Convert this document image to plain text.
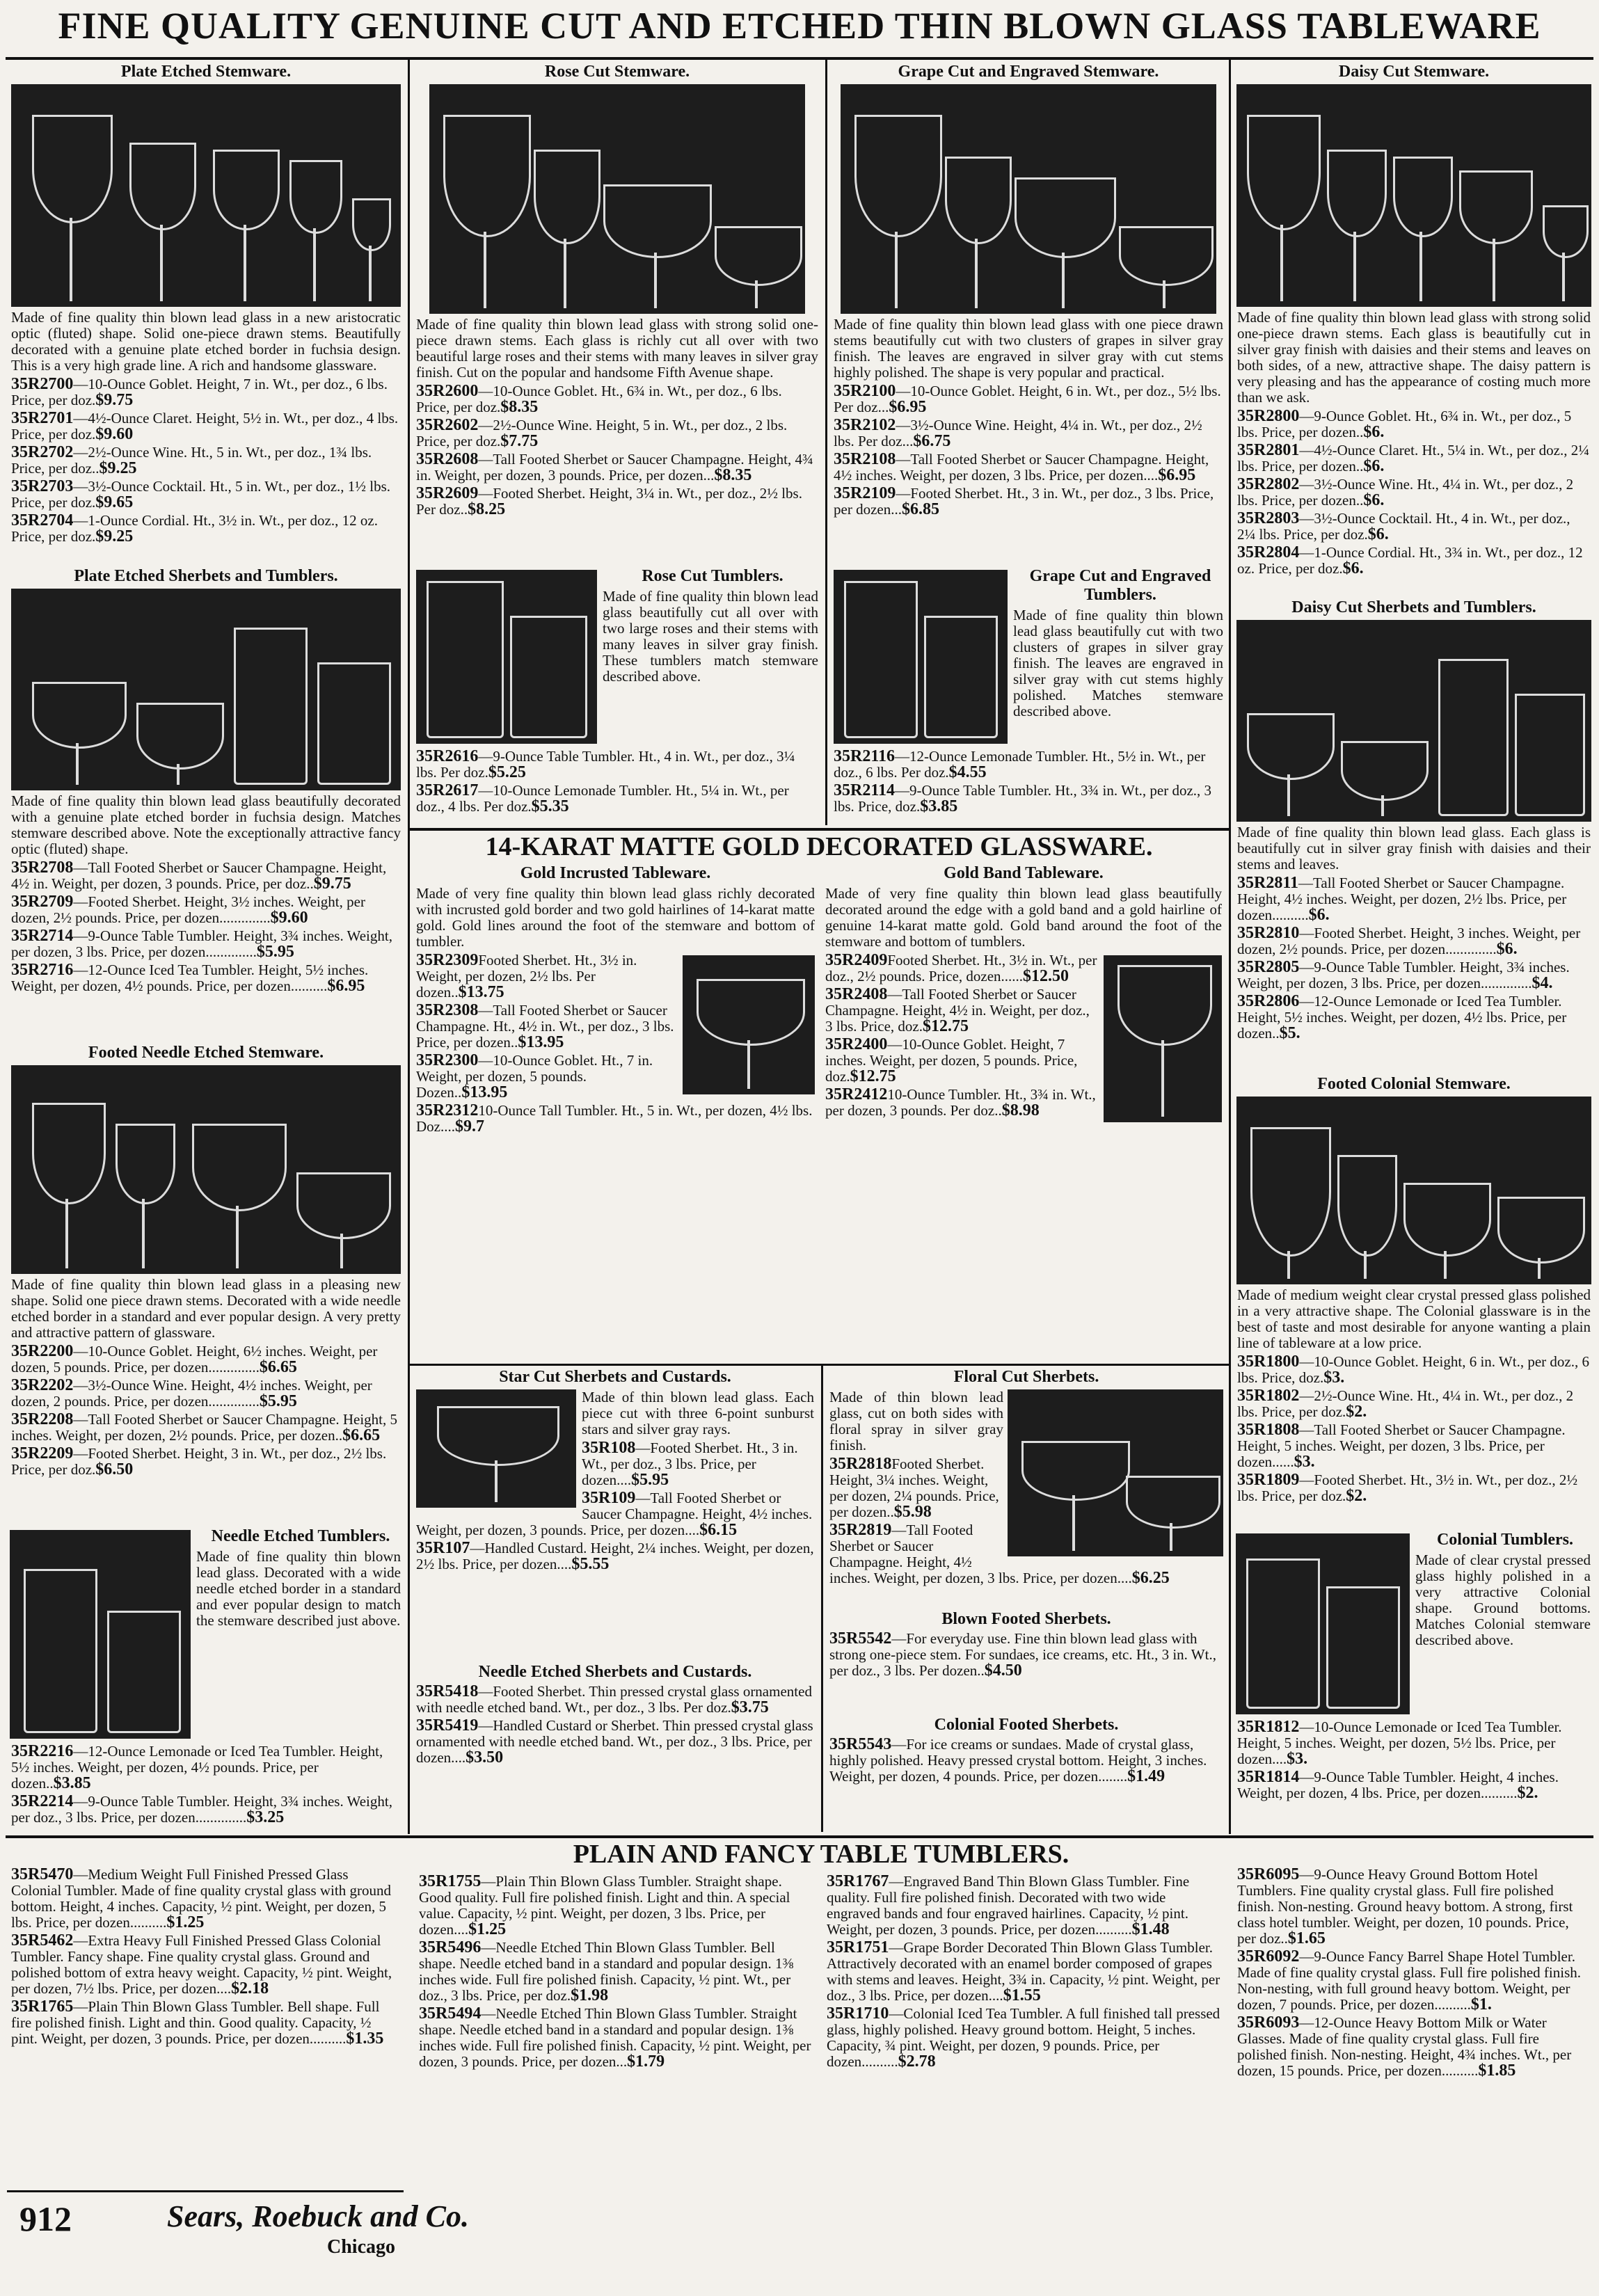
FINE QUALITY GENUINE CUT AND ETCHED THIN BLOWN GLASS TABLEWARE
Plate Etched Stemware.
Made of fine quality thin blown lead glass in a new aristocratic optic (fluted) shape. Solid one-piece drawn stems. Beautifully decorated with a genuine plate etched border in fuchsia design. This is a very high grade line. A rich and handsome glassware.
35R2700—10-Ounce Goblet. Height, 7 in. Wt., per doz., 6 lbs. Price, per doz.$9.75
35R2701—4½-Ounce Claret. Height, 5½ in. Wt., per doz., 4 lbs. Price, per doz.$9.60
35R2702—2½-Ounce Wine. Ht., 5 in. Wt., per doz., 1¾ lbs. Price, per doz..$9.25
35R2703—3½-Ounce Cocktail. Ht., 5 in. Wt., per doz., 1½ lbs. Price, per doz.$9.65
35R2704—1-Ounce Cordial. Ht., 3½ in. Wt., per doz., 12 oz. Price, per doz.$9.25
Plate Etched Sherbets and Tumblers.
Made of fine quality thin blown lead glass beautifully decorated with a genuine plate etched border in fuchsia design. Matches stemware described above. Note the exceptionally attractive fancy optic (fluted) shape.
35R2708—Tall Footed Sherbet or Saucer Champagne. Height, 4½ in. Weight, per dozen, 3 pounds. Price, per doz..$9.75
35R2709—Footed Sherbet. Height, 3½ inches. Weight, per dozen, 2½ pounds. Price, per dozen..............$9.60
35R2714—9-Ounce Table Tumbler. Height, 3¾ inches. Weight, per dozen, 3 lbs. Price, per dozen..............$5.95
35R2716—12-Ounce Iced Tea Tumbler. Height, 5½ inches. Weight, per dozen, 4½ pounds. Price, per dozen..........$6.95
Footed Needle Etched Stemware.
Made of fine quality thin blown lead glass in a pleasing new shape. Solid one piece drawn stems. Decorated with a wide needle etched border in a standard and ever popular design. A very pretty and attractive pattern of glassware.
35R2200—10-Ounce Goblet. Height, 6½ inches. Weight, per dozen, 5 pounds. Price, per dozen..............$6.65
35R2202—3½-Ounce Wine. Height, 4½ inches. Weight, per dozen, 2 pounds. Price, per dozen..............$5.95
35R2208—Tall Footed Sherbet or Saucer Champagne. Height, 5 inches. Weight, per dozen, 2½ pounds. Price, per dozen..$6.65
35R2209—Footed Sherbet. Height, 3 in. Wt., per doz., 2½ lbs. Price, per doz.$6.50
Needle Etched Tumblers.
Made of fine quality thin blown lead glass. Decorated with a wide needle etched border in a standard and ever popular design to match the stemware described just above.
35R2216—12-Ounce Lemonade or Iced Tea Tumbler. Height, 5½ inches. Weight, per dozen, 4½ pounds. Price, per dozen..$3.85
35R2214—9-Ounce Table Tumbler. Height, 3¾ inches. Weight, per doz., 3 lbs. Price, per dozen..............$3.25
Rose Cut Stemware.
Made of fine quality thin blown lead glass with strong solid one-piece drawn stems. Each glass is richly cut all over with two beautiful large roses and their stems with many leaves in silver gray finish. Cut on the popular and handsome Fifth Avenue shape.
35R2600—10-Ounce Goblet. Ht., 6¾ in. Wt., per doz., 6 lbs. Price, per doz.$8.35
35R2602—2½-Ounce Wine. Height, 5 in. Wt., per doz., 2 lbs. Price, per doz.$7.75
35R2608—Tall Footed Sherbet or Saucer Champagne. Height, 4¾ in. Weight, per dozen, 3 pounds. Price, per dozen...$8.35
35R2609—Footed Sherbet. Height, 3¼ in. Wt., per doz., 2½ lbs. Per doz..$8.25
Rose Cut Tumblers.
Made of fine quality thin blown lead glass beautifully cut all over with two large roses and their stems with many leaves in silver gray finish. These tumblers match stemware described above.
35R2616—9-Ounce Table Tumbler. Ht., 4 in. Wt., per doz., 3¼ lbs. Per doz.$5.25
35R2617—10-Ounce Lemonade Tumbler. Ht., 5¼ in. Wt., per doz., 4 lbs. Per doz.$5.35
Grape Cut and Engraved Stemware.
Made of fine quality thin blown lead glass with one piece drawn stems beautifully cut with two clusters of grapes in silver gray finish. The leaves are engraved in silver gray with cut stems highly polished. The shape is very popular and practical.
35R2100—10-Ounce Goblet. Height, 6 in. Wt., per doz., 5½ lbs. Per doz...$6.95
35R2102—3½-Ounce Wine. Height, 4¼ in. Wt., per doz., 2½ lbs. Per doz...$6.75
35R2108—Tall Footed Sherbet or Saucer Champagne. Height, 4½ inches. Weight, per dozen, 3 lbs. Price, per dozen....$6.95
35R2109—Footed Sherbet. Ht., 3 in. Wt., per doz., 3 lbs. Price, per dozen...$6.85
Grape Cut and Engraved Tumblers.
Made of fine quality thin blown lead glass beautifully cut with two clusters of grapes in silver gray finish. The leaves are engraved in silver gray with cut stems highly polished. Matches stemware described above.
35R2116—12-Ounce Lemonade Tumbler. Ht., 5½ in. Wt., per doz., 6 lbs. Per doz.$4.55
35R2114—9-Ounce Table Tumbler. Ht., 3¾ in. Wt., per doz., 3 lbs. Price, doz.$3.85
14-KARAT MATTE GOLD DECORATED GLASSWARE.
Gold Incrusted Tableware.
Made of very fine quality thin blown lead glass richly decorated with incrusted gold border and two gold hairlines of 14-karat matte gold. Gold lines around the foot of the stemware and bottom of tumbler.
35R2309Footed Sherbet. Ht., 3½ in. Weight, per dozen, 2½ lbs. Per dozen..$13.75
35R2308—Tall Footed Sherbet or Saucer Champagne. Ht., 4½ in. Wt., per doz., 3 lbs. Price, per dozen..$13.95
35R2300—10-Ounce Goblet. Ht., 7 in. Weight, per dozen, 5 pounds. Dozen..$13.95
35R231210-Ounce Tall Tumbler. Ht., 5 in. Wt., per dozen, 4½ lbs. Doz....$9.7
Gold Band Tableware.
Made of very fine quality thin blown lead glass beautifully decorated around the edge with a gold band and a gold hairline of genuine 14-karat matte gold. Gold band around the foot of the stemware and bottom of tumblers.
35R2409Footed Sherbet. Ht., 3½ in. Wt., per doz., 2½ pounds. Price, dozen......$12.50
35R2408—Tall Footed Sherbet or Saucer Champagne. Height, 4½ in. Weight, per doz., 3 lbs. Price, doz.$12.75
35R2400—10-Ounce Goblet. Height, 7 inches. Weight, per dozen, 5 pounds. Price, doz.$12.75
35R241210-Ounce Tumbler. Ht., 3¾ in. Wt., per dozen, 3 pounds. Per doz..$8.98
Star Cut Sherbets and Custards.
Made of thin blown lead glass. Each piece cut with three 6-point sunburst stars and silver gray rays.
35R108—Footed Sherbet. Ht., 3 in. Wt., per doz., 3 lbs. Price, per dozen....$5.95
35R109—Tall Footed Sherbet or Saucer Champagne. Height, 4½ inches. Weight, per dozen, 3 pounds. Price, per dozen....$6.15
35R107—Handled Custard. Height, 2¼ inches. Weight, per dozen, 2½ lbs. Price, per dozen....$5.55
Needle Etched Sherbets and Custards.
35R5418—Footed Sherbet. Thin pressed crystal glass ornamented with needle etched band. Wt., per doz., 3 lbs. Per doz.$3.75
35R5419—Handled Custard or Sherbet. Thin pressed crystal glass ornamented with needle etched band. Wt., per doz., 3 lbs. Price, per dozen....$3.50
Floral Cut Sherbets.
Made of thin blown lead glass, cut on both sides with floral spray in silver gray finish.
35R2818Footed Sherbet. Height, 3¼ inches. Weight, per dozen, 2¼ pounds. Price, per dozen..$5.98
35R2819—Tall Footed Sherbet or Saucer Champagne. Height, 4½ inches. Weight, per dozen, 3 lbs. Price, per dozen....$6.25
Blown Footed Sherbets.
35R5542—For everyday use. Fine thin blown lead glass with strong one-piece stem. For sundaes, ice creams, etc. Ht., 3 in. Wt., per doz., 3 lbs. Per dozen..$4.50
Colonial Footed Sherbets.
35R5543—For ice creams or sundaes. Made of crystal glass, highly polished. Heavy pressed crystal bottom. Height, 3 inches. Weight, per dozen, 4 pounds. Price, per dozen........$1.49
Daisy Cut Stemware.
Made of fine quality thin blown lead glass with strong solid one-piece drawn stems. Each glass is beautifully cut in silver gray finish with daisies and their stems and leaves on both sides, of a new, attractive shape. The daisy pattern is very pleasing and has the appearance of costing much more than we ask.
35R2800—9-Ounce Goblet. Ht., 6¾ in. Wt., per doz., 5 lbs. Price, per dozen..$6.
35R2801—4½-Ounce Claret. Ht., 5¼ in. Wt., per doz., 2¼ lbs. Price, per dozen..$6.
35R2802—3½-Ounce Wine. Ht., 4¼ in. Wt., per doz., 2 lbs. Price, per dozen..$6.
35R2803—3½-Ounce Cocktail. Ht., 4 in. Wt., per doz., 2¼ lbs. Price, per doz.$6.
35R2804—1-Ounce Cordial. Ht., 3¾ in. Wt., per doz., 12 oz. Price, per doz.$6.
Daisy Cut Sherbets and Tumblers.
Made of fine quality thin blown lead glass. Each glass is beautifully cut in silver gray finish with daisies and their stems and leaves.
35R2811—Tall Footed Sherbet or Saucer Champagne. Height, 4½ inches. Weight, per dozen, 2½ lbs. Price, per dozen..........$6.
35R2810—Footed Sherbet. Height, 3 inches. Weight, per dozen, 2½ pounds. Price, per dozen..............$6.
35R2805—9-Ounce Table Tumbler. Height, 3¾ inches. Weight, per dozen, 3 lbs. Price, per dozen..............$4.
35R2806—12-Ounce Lemonade or Iced Tea Tumbler. Height, 5½ inches. Weight, per dozen, 4½ lbs. Price, per dozen..$5.
Footed Colonial Stemware.
Made of medium weight clear crystal pressed glass polished in a very attractive shape. The Colonial glassware is in the best of taste and most desirable for anyone wanting a plain line of tableware at a low price.
35R1800—10-Ounce Goblet. Height, 6 in. Wt., per doz., 6 lbs. Price, doz.$3.
35R1802—2½-Ounce Wine. Ht., 4¼ in. Wt., per doz., 2 lbs. Price, per doz.$2.
35R1808—Tall Footed Sherbet or Saucer Champagne. Height, 5 inches. Weight, per dozen, 3 lbs. Price, per dozen......$3.
35R1809—Footed Sherbet. Ht., 3½ in. Wt., per doz., 2½ lbs. Price, per doz.$2.
Colonial Tumblers.
Made of clear crystal pressed glass highly polished in a very attractive Colonial shape. Ground bottoms. Matches Colonial stemware described above.
35R1812—10-Ounce Lemonade or Iced Tea Tumbler. Height, 5 inches. Weight, per dozen, 5½ lbs. Price, per dozen....$3.
35R1814—9-Ounce Table Tumbler. Height, 4 inches. Weight, per dozen, 4 lbs. Price, per dozen..........$2.
PLAIN AND FANCY TABLE TUMBLERS.
35R5470—Medium Weight Full Finished Pressed Glass Colonial Tumbler. Made of fine quality crystal glass with ground bottom. Height, 4 inches. Capacity, ½ pint. Weight, per dozen, 5 lbs. Price, per dozen..........$1.25
35R5462—Extra Heavy Full Finished Pressed Glass Colonial Tumbler. Fancy shape. Fine quality crystal glass. Ground and polished bottom of extra heavy weight. Capacity, ½ pint. Weight, per dozen, 7½ lbs. Price, per dozen....$2.18
35R1765—Plain Thin Blown Glass Tumbler. Bell shape. Full fire polished finish. Light and thin. Good quality. Capacity, ½ pint. Weight, per dozen, 3 pounds. Price, per dozen..........$1.35
35R1755—Plain Thin Blown Glass Tumbler. Straight shape. Good quality. Full fire polished finish. Light and thin. A special value. Capacity, ½ pint. Weight, per dozen, 3 lbs. Price, per dozen....$1.25
35R5496—Needle Etched Thin Blown Glass Tumbler. Bell shape. Needle etched band in a standard and popular design. 1⅜ inches wide. Full fire polished finish. Capacity, ½ pint. Wt., per doz., 3 lbs. Price, per doz.$1.98
35R5494—Needle Etched Thin Blown Glass Tumbler. Straight shape. Needle etched band in a standard and popular design. 1⅜ inches wide. Full fire polished finish. Capacity, ½ pint. Weight, per dozen, 3 pounds. Price, per dozen...$1.79
35R1767—Engraved Band Thin Blown Glass Tumbler. Fine quality. Full fire polished finish. Decorated with two wide engraved bands and four engraved hairlines. Capacity, ½ pint. Weight, per dozen, 3 pounds. Price, per dozen..........$1.48
35R1751—Grape Border Decorated Thin Blown Glass Tumbler. Attractively decorated with an enamel border composed of grapes with stems and leaves. Height, 3¾ in. Capacity, ½ pint. Weight, per doz., 3 lbs. Price, per dozen....$1.55
35R1710—Colonial Iced Tea Tumbler. A full finished tall pressed glass, highly polished. Heavy ground bottom. Height, 5 inches. Capacity, ¾ pint. Weight, per dozen, 9 pounds. Price, per dozen..........$2.78
35R6095—9-Ounce Heavy Ground Bottom Hotel Tumblers. Fine quality crystal glass. Full fire polished finish. Non-nesting. Ground heavy bottom. A strong, first class hotel tumbler. Weight, per dozen, 10 pounds. Price, per doz..$1.65
35R6092—9-Ounce Fancy Barrel Shape Hotel Tumbler. Made of fine quality crystal glass. Full fire polished finish. Non-nesting, with full ground heavy bottom. Weight, per dozen, 7 pounds. Price, per dozen..........$1.
35R6093—12-Ounce Heavy Bottom Milk or Water Glasses. Made of fine quality crystal glass. Full fire polished finish. Non-nesting. Height, 4¾ inches. Wt., per dozen, 15 pounds. Price, per dozen..........$1.85
912	Sears, Roebuck and Co.
Chicago
